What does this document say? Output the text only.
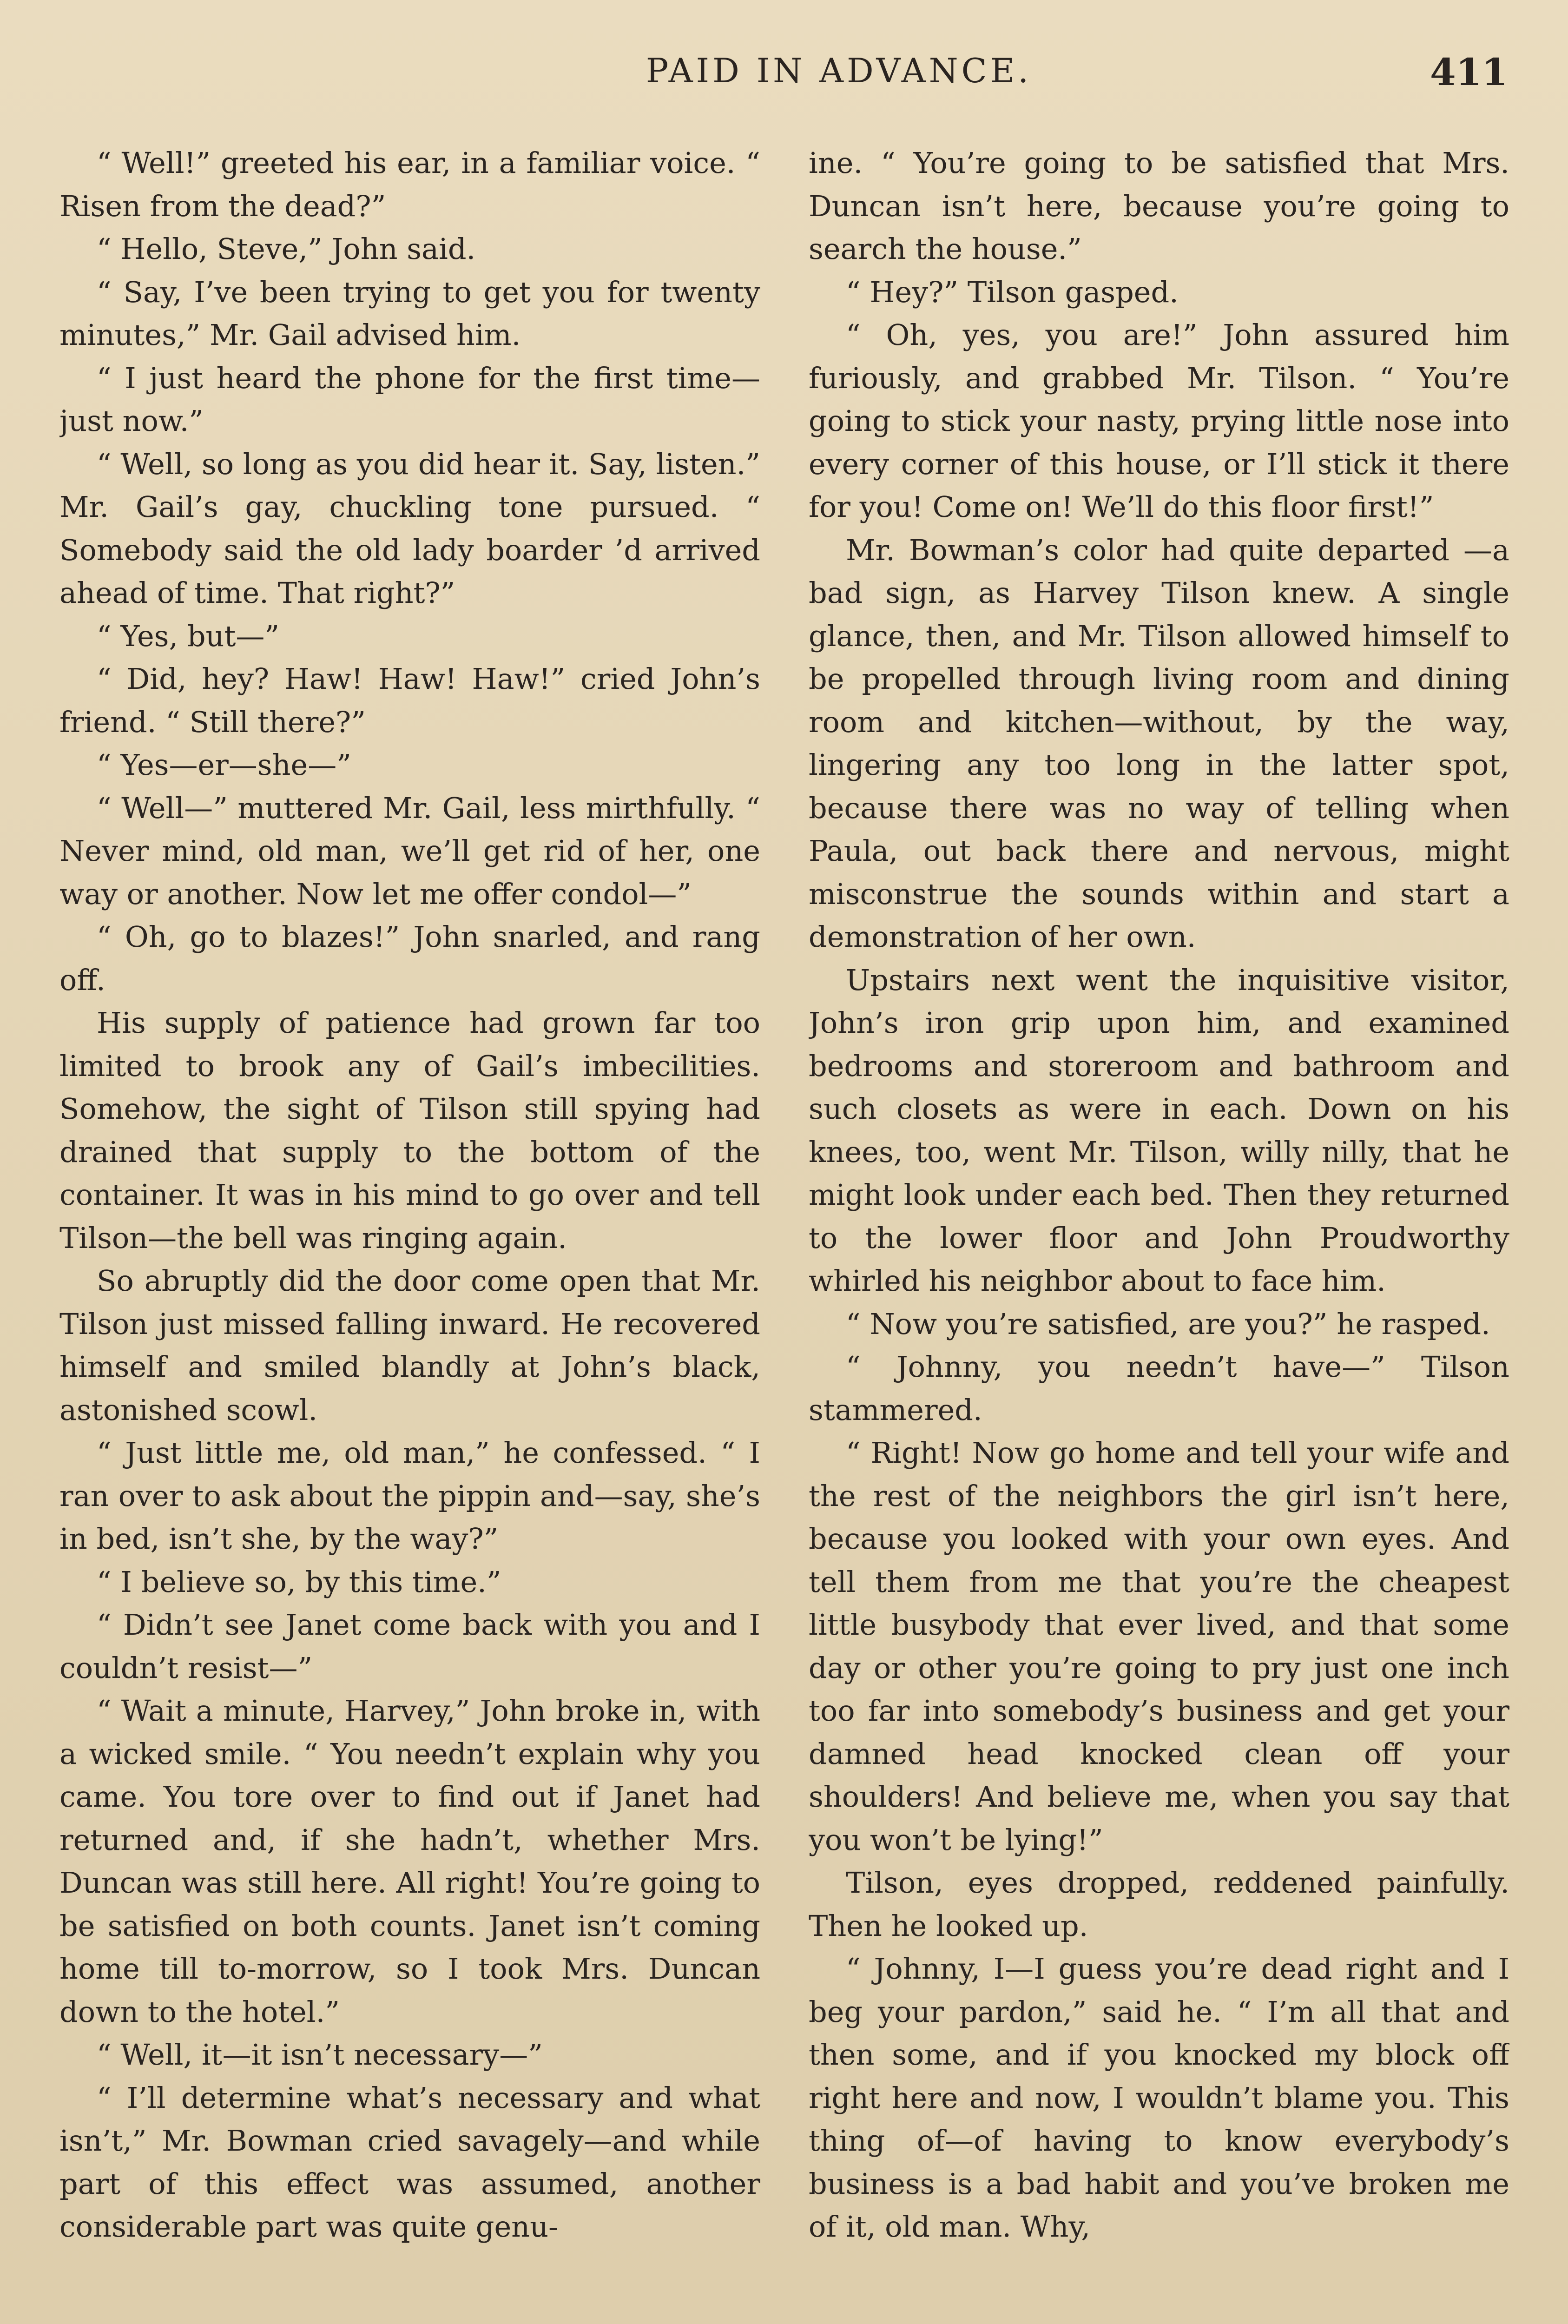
PAID IN ADVANCE.	411

“ Well!” greeted his ear, in a familiar voice. “ Risen from the dead?”

“ Hello, Steve,” John said.

“ Say, I’ve been trying to get you for twenty minutes,” Mr. Gail advised him.

“ I just heard the phone for the first time—just now.”

“ Well, so long as you did hear it. Say, listen.” Mr. Gail’s gay, chuckling tone pursued. “ Somebody said the old lady boarder ’d arrived ahead of time. That right?”

“ Yes, but—”

“ Did, hey? Haw! Haw! Haw!” cried John’s friend. “ Still there?”

“ Yes—er—she—”

“ Well—” muttered Mr. Gail, less mirthfully. “ Never mind, old man, we’ll get rid of her, one way or another. Now let me offer condol—”

“ Oh, go to blazes!” John snarled, and rang off.

His supply of patience had grown far too limited to brook any of Gail’s imbecilities. Somehow, the sight of Tilson still spying had drained that supply to the bottom of the container. It was in his mind to go over and tell Tilson—the bell was ringing again.

So abruptly did the door come open that Mr. Tilson just missed falling inward. He recovered himself and smiled blandly at John’s black, astonished scowl.

“ Just little me, old man,” he confessed. “ I ran over to ask about the pippin and—say, she’s in bed, isn’t she, by the way?”

“ I believe so, by this time.”

“ Didn’t see Janet come back with you and I couldn’t resist—”

“ Wait a minute, Harvey,” John broke in, with a wicked smile. “ You needn’t explain why you came. You tore over to find out if Janet had returned and, if she hadn’t, whether Mrs. Duncan was still here. All right! You’re going to be satisfied on both counts. Janet isn’t coming home till to-morrow, so I took Mrs. Duncan down to the hotel.”

“ Well, it—it isn’t necessary—”

“ I’ll determine what’s necessary and what isn’t,” Mr. Bowman cried savagely—and while part of this effect was assumed, another considerable part was quite genu-

ine. “ You’re going to be satisfied that Mrs. Duncan isn’t here, because you’re going to search the house.”

“ Hey?” Tilson gasped.

“ Oh, yes, you are!” John assured him furiously, and grabbed Mr. Tilson. “ You’re going to stick your nasty, prying little nose into every corner of this house, or I’ll stick it there for you! Come on! We’ll do this floor first!”

Mr. Bowman’s color had quite departed —a bad sign, as Harvey Tilson knew. A single glance, then, and Mr. Tilson allowed himself to be propelled through living room and dining room and kitchen—without, by the way, lingering any too long in the latter spot, because there was no way of telling when Paula, out back there and nervous, might misconstrue the sounds within and start a demonstration of her own.

Upstairs next went the inquisitive visitor, John’s iron grip upon him, and examined bedrooms and storeroom and bathroom and such closets as were in each. Down on his knees, too, went Mr. Tilson, willy nilly, that he might look under each bed. Then they returned to the lower floor and John Proudworthy whirled his neighbor about to face him.

“ Now you’re satisfied, are you?” he rasped.

“ Johnny, you needn’t have—” Tilson stammered.

“ Right! Now go home and tell your wife and the rest of the neighbors the girl isn’t here, because you looked with your own eyes. And tell them from me that you’re the cheapest little busybody that ever lived, and that some day or other you’re going to pry just one inch too far into somebody’s business and get your damned head knocked clean off your shoulders! And believe me, when you say that you won’t be lying!”

Tilson, eyes dropped, reddened painfully. Then he looked up.

“ Johnny, I—I guess you’re dead right and I beg your pardon,” said he. “ I’m all that and then some, and if you knocked my block off right here and now, I wouldn’t blame you. This thing of—of having to know everybody’s business is a bad habit and you’ve broken me of it, old man. Why,
